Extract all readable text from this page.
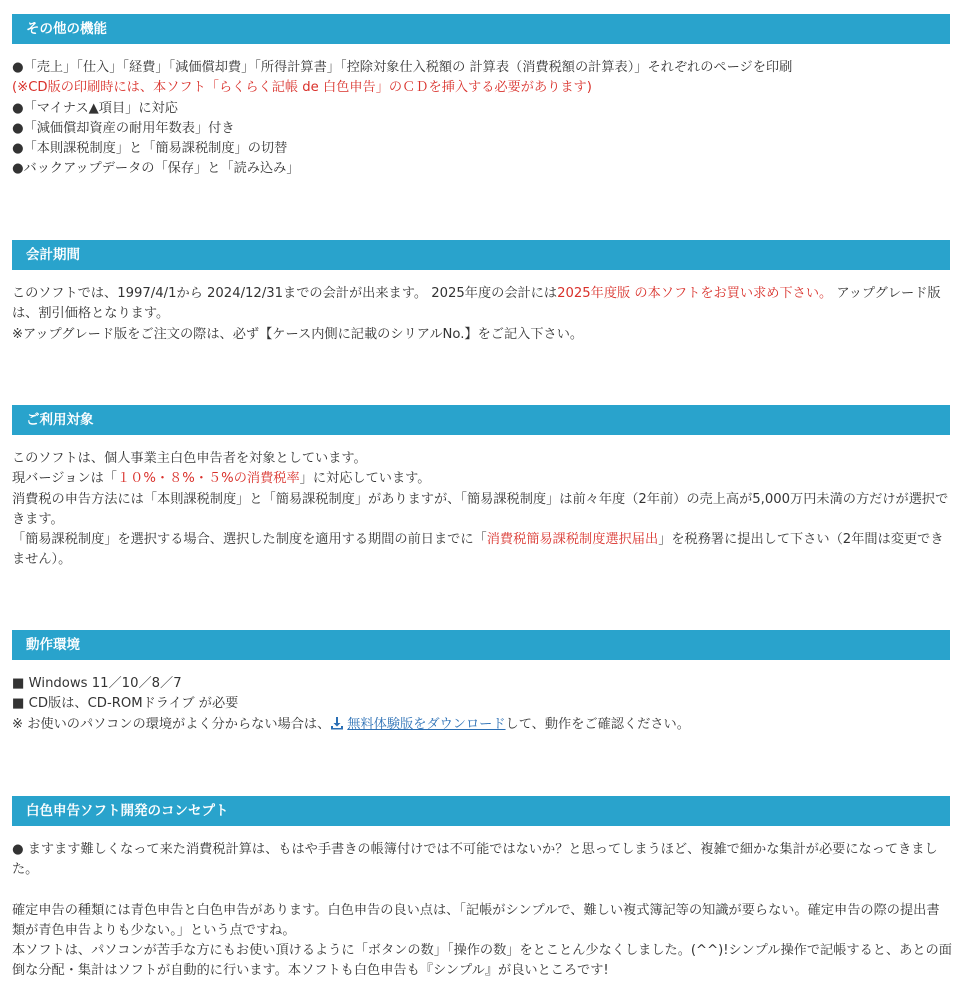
その他の機能
●「売上」「仕入」「経費」「減価償却費」「所得計算書」「控除対象仕入税額の 計算表（消費税額の計算表）」それぞれのページを印刷
(※CD版の印刷時には、本ソフト「らくらく記帳 de 白色申告」のＣＤを挿入する必要があります)
●「マイナス▲項目」に対応
●「減価償却資産の耐用年数表」付き
●「本則課税制度」と「簡易課税制度」の切替
●バックアップデータの「保存」と「読み込み」
会計期間
このソフトでは、1997/4/1から 2024/12/31までの会計が出来ます。 2025年度の会計には2025年度版 の本ソフトをお買い求め下さい。 アップグレード版は、割引価格となります。
※アップグレード版をご注文の際は、必ず【ケース内側に記載のシリアルNo.】をご記入下さい。
ご利用対象
このソフトは、個人事業主白色申告者を対象としています。
現バージョンは「１０%・８%・５%の消費税率」に対応しています。
消費税の申告方法には「本則課税制度」と「簡易課税制度」がありますが、「簡易課税制度」は前々年度（2年前）の売上高が5,000万円未満の方だけが選択できます。
「簡易課税制度」を選択する場合、選択した制度を適用する期間の前日までに「消費税簡易課税制度選択届出」を税務署に提出して下さい（2年間は変更できません）。
動作環境
■ Windows 11／10／8／7
■ CD版は、CD-ROMドライブ が必要
※ お使いのパソコンの環境がよく分からない場合は、 無料体験版をダウンロードして、動作をご確認ください。
白色申告ソフト開発のコンセプト
● ますます難しくなって来た消費税計算は、もはや手書きの帳簿付けでは不可能ではないか？と思ってしまうほど、複雑で細かな集計が必要になってきました。
確定申告の種類には青色申告と白色申告があります。白色申告の良い点は、「記帳がシンプルで、難しい複式簿記等の知識が要らない。確定申告の際の提出書類が青色申告よりも少ない。」という点ですね。
本ソフトは、パソコンが苦手な方にもお使い頂けるように「ボタンの数」「操作の数」をとことん少なくしました。(^^)!シンプル操作で記帳すると、あとの面倒な分配・集計はソフトが自動的に行います。本ソフトも白色申告も『シンプル』が良いところです!
